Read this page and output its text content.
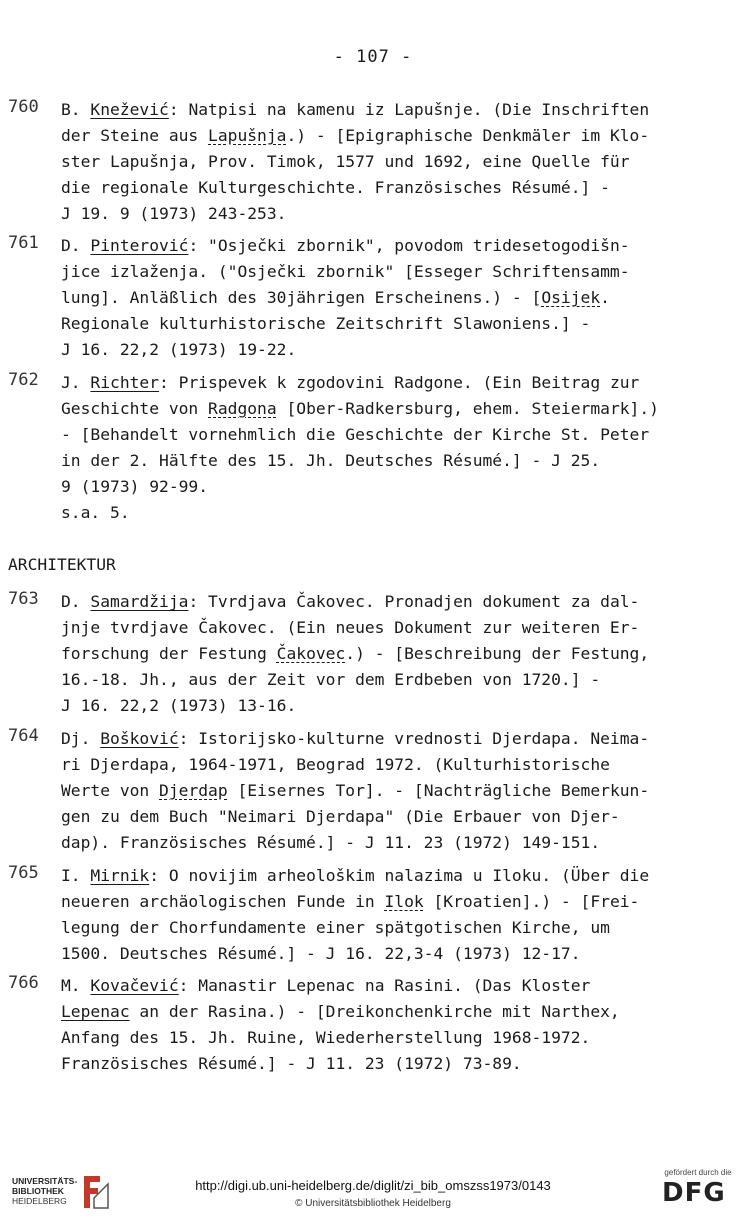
- 107 -
760 B. Knežević: Natpisi na kamenu iz Lapušnje. (Die Inschriften
der Steine aus Lapušnja.) - [Epigraphische Denkmäler im Klo-
ster Lapušnja, Prov. Timok, 1577 und 1692, eine Quelle für
die regionale Kulturgeschichte. Französisches Résumé.] -
J 19. 9 (1973) 243-253.
761 D. Pinterović: "Osječki zbornik", povodom tridesetogodišn-
jice izlaženja. ("Osječki zbornik" [Esseger Schriftensamm-
lung]. Anläßlich des 30jährigen Erscheinens.) - [Osijek.
Regionale kulturhistorische Zeitschrift Slawoniens.] -
J 16. 22,2 (1973) 19-22.
762 J. Richter: Prispevek k zgodovini Radgone. (Ein Beitrag zur
Geschichte von Radgona [Ober-Radkersburg, ehem. Steiermark].)
- [Behandelt vornehmlich die Geschichte der Kirche St. Peter
in der 2. Hälfte des 15. Jh. Deutsches Résumé.] - J 25.
9 (1973) 92-99.
s.a. 5.
ARCHITEKTUR
763 D. Samardžija: Tvrdjava Čakovec. Pronadjen dokument za dal-
jnje tvrdjave Čakovec. (Ein neues Dokument zur weiteren Er-
forschung der Festung Čakovec.) - [Beschreibung der Festung,
16.-18. Jh., aus der Zeit vor dem Erdbeben von 1720.] -
J 16. 22,2 (1973) 13-16.
764 Dj. Bošković: Istorijsko-kulturne vrednosti Djerdapa. Neima-
ri Djerdapa, 1964-1971, Beograd 1972. (Kulturhistorische
Werte von Djerdap [Eisernes Tor]. - [Nachträgliche Bemerkun-
gen zu dem Buch "Neimari Djerdapa" (Die Erbauer von Djer-
dap). Französisches Résumé.] - J 11. 23 (1972) 149-151.
765 I. Mirnik: O novijim arheološkim nalazima u Iloku. (Über die
neueren archäologischen Funde in Ilok [Kroatien].) - [Frei-
legung der Chorfundamente einer spätgotischen Kirche, um
1500. Deutsches Résumé.] - J 16. 22,3-4 (1973) 12-17.
766 M. Kovačević: Manastir Lepenac na Rasini. (Das Kloster
Lepenac an der Rasina.) - [Dreikonchenkirche mit Narthex,
Anfang des 15. Jh. Ruine, Wiederherstellung 1968-1972.
Französisches Résumé.] - J 11. 23 (1972) 73-89.
UNIVERSITÄTS-
BIBLIOTHEK
HEIDELBERG
http://digi.ub.uni-heidelberg.de/diglit/zi_bib_omszss1973/0143
© Universitätsbibliothek Heidelberg
gefördert durch die
DFG
